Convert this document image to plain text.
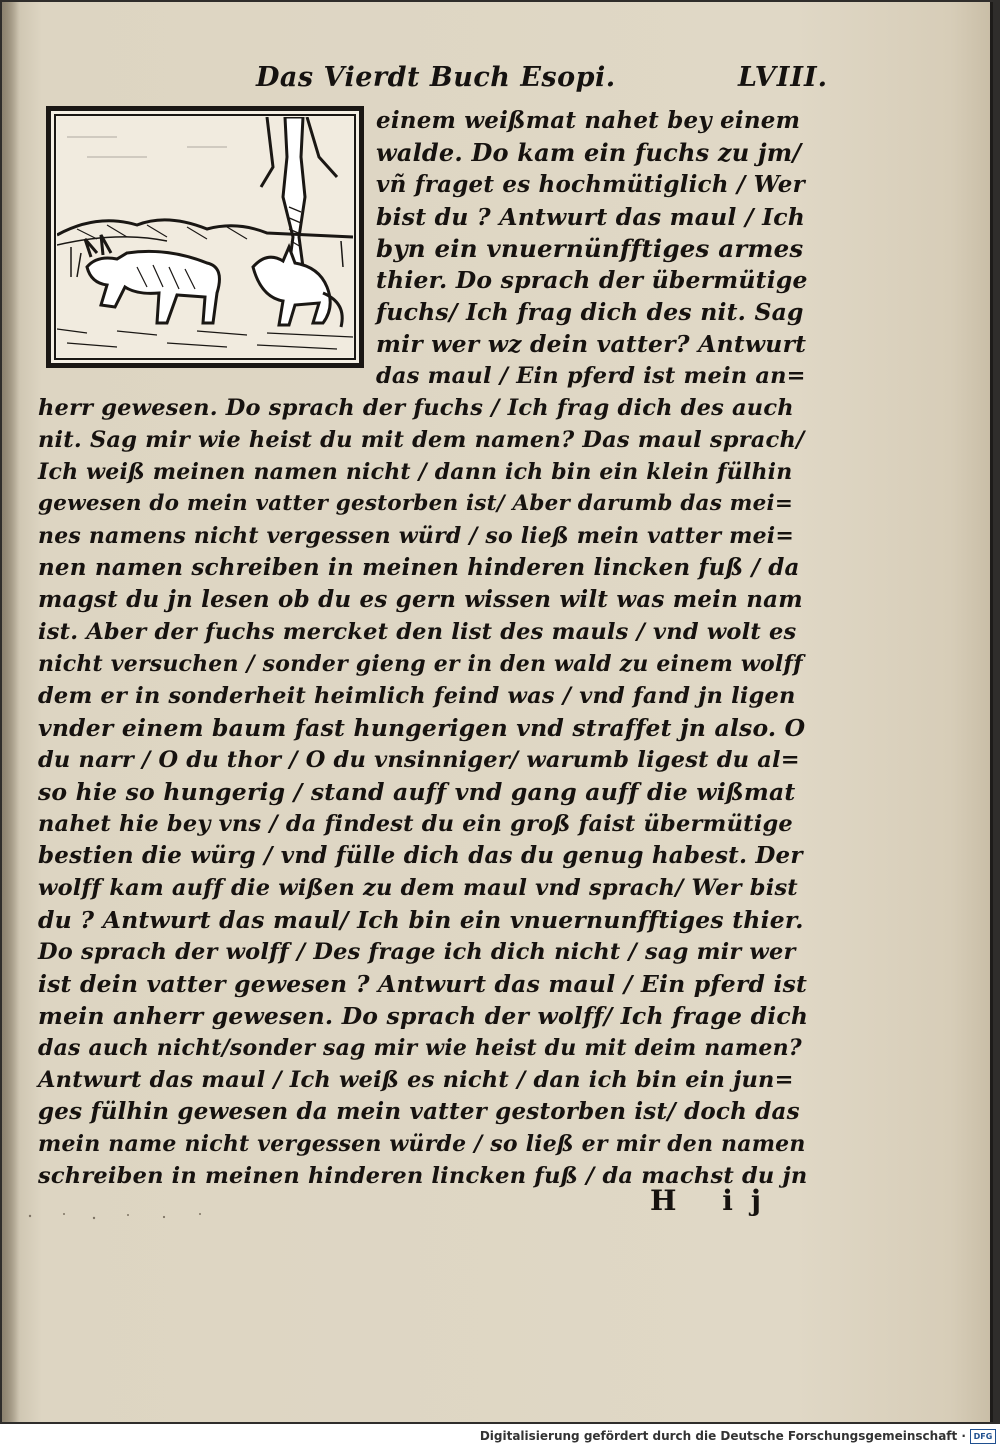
Das Vierdt Buch Esopi.	LVIII.
einem weißmat nahet bey einem
walde. Do kam ein fuchs zu jm/
vñ fraget es hochmütiglich / Wer
bist du ? Antwurt das maul / Ich
byn ein vnuernünfftiges armes
thier. Do sprach der übermütige
fuchs/ Ich frag dich des nit. Sag
mir wer wz dein vatter? Antwurt
das maul / Ein pferd ist mein an=
herr gewesen. Do sprach der fuchs / Ich frag dich des auch
nit. Sag mir wie heist du mit dem namen? Das maul sprach/
Ich weiß meinen namen nicht / dann ich bin ein klein fülhin
gewesen do mein vatter gestorben ist/ Aber darumb das mei=
nes namens nicht vergessen würd / so ließ mein vatter mei=
nen namen schreiben in meinen hinderen lincken fuß / da
magst du jn lesen ob du es gern wissen wilt was mein nam
ist. Aber der fuchs mercket den list des mauls / vnd wolt es
nicht versuchen / sonder gieng er in den wald zu einem wolff
dem er in sonderheit heimlich feind was / vnd fand jn ligen
vnder einem baum fast hungerigen vnd straffet jn also. O
du narr / O du thor / O du vnsinniger/ warumb ligest du al=
so hie so hungerig / stand auff vnd gang auff die wißmat
nahet hie bey vns / da findest du ein groß faist übermütige
bestien die würg / vnd fülle dich das du genug habest. Der
wolff kam auff die wißen zu dem maul vnd sprach/ Wer bist
du ? Antwurt das maul/ Ich bin ein vnuernunfftiges thier.
Do sprach der wolff / Des frage ich dich nicht / sag mir wer
ist dein vatter gewesen ? Antwurt das maul / Ein pferd ist
mein anherr gewesen. Do sprach der wolff/ Ich frage dich
das auch nicht/sonder sag mir wie heist du mit deim namen?
Antwurt das maul / Ich weiß es nicht / dan ich bin ein jun=
ges fülhin gewesen da mein vatter gestorben ist/ doch das
mein name nicht vergessen würde / so ließ er mir den namen
schreiben in meinen hinderen lincken fuß / da machst du jn
H ij
Digitalisierung gefördert durch die Deutsche Forschungsgemeinschaft · DFG
